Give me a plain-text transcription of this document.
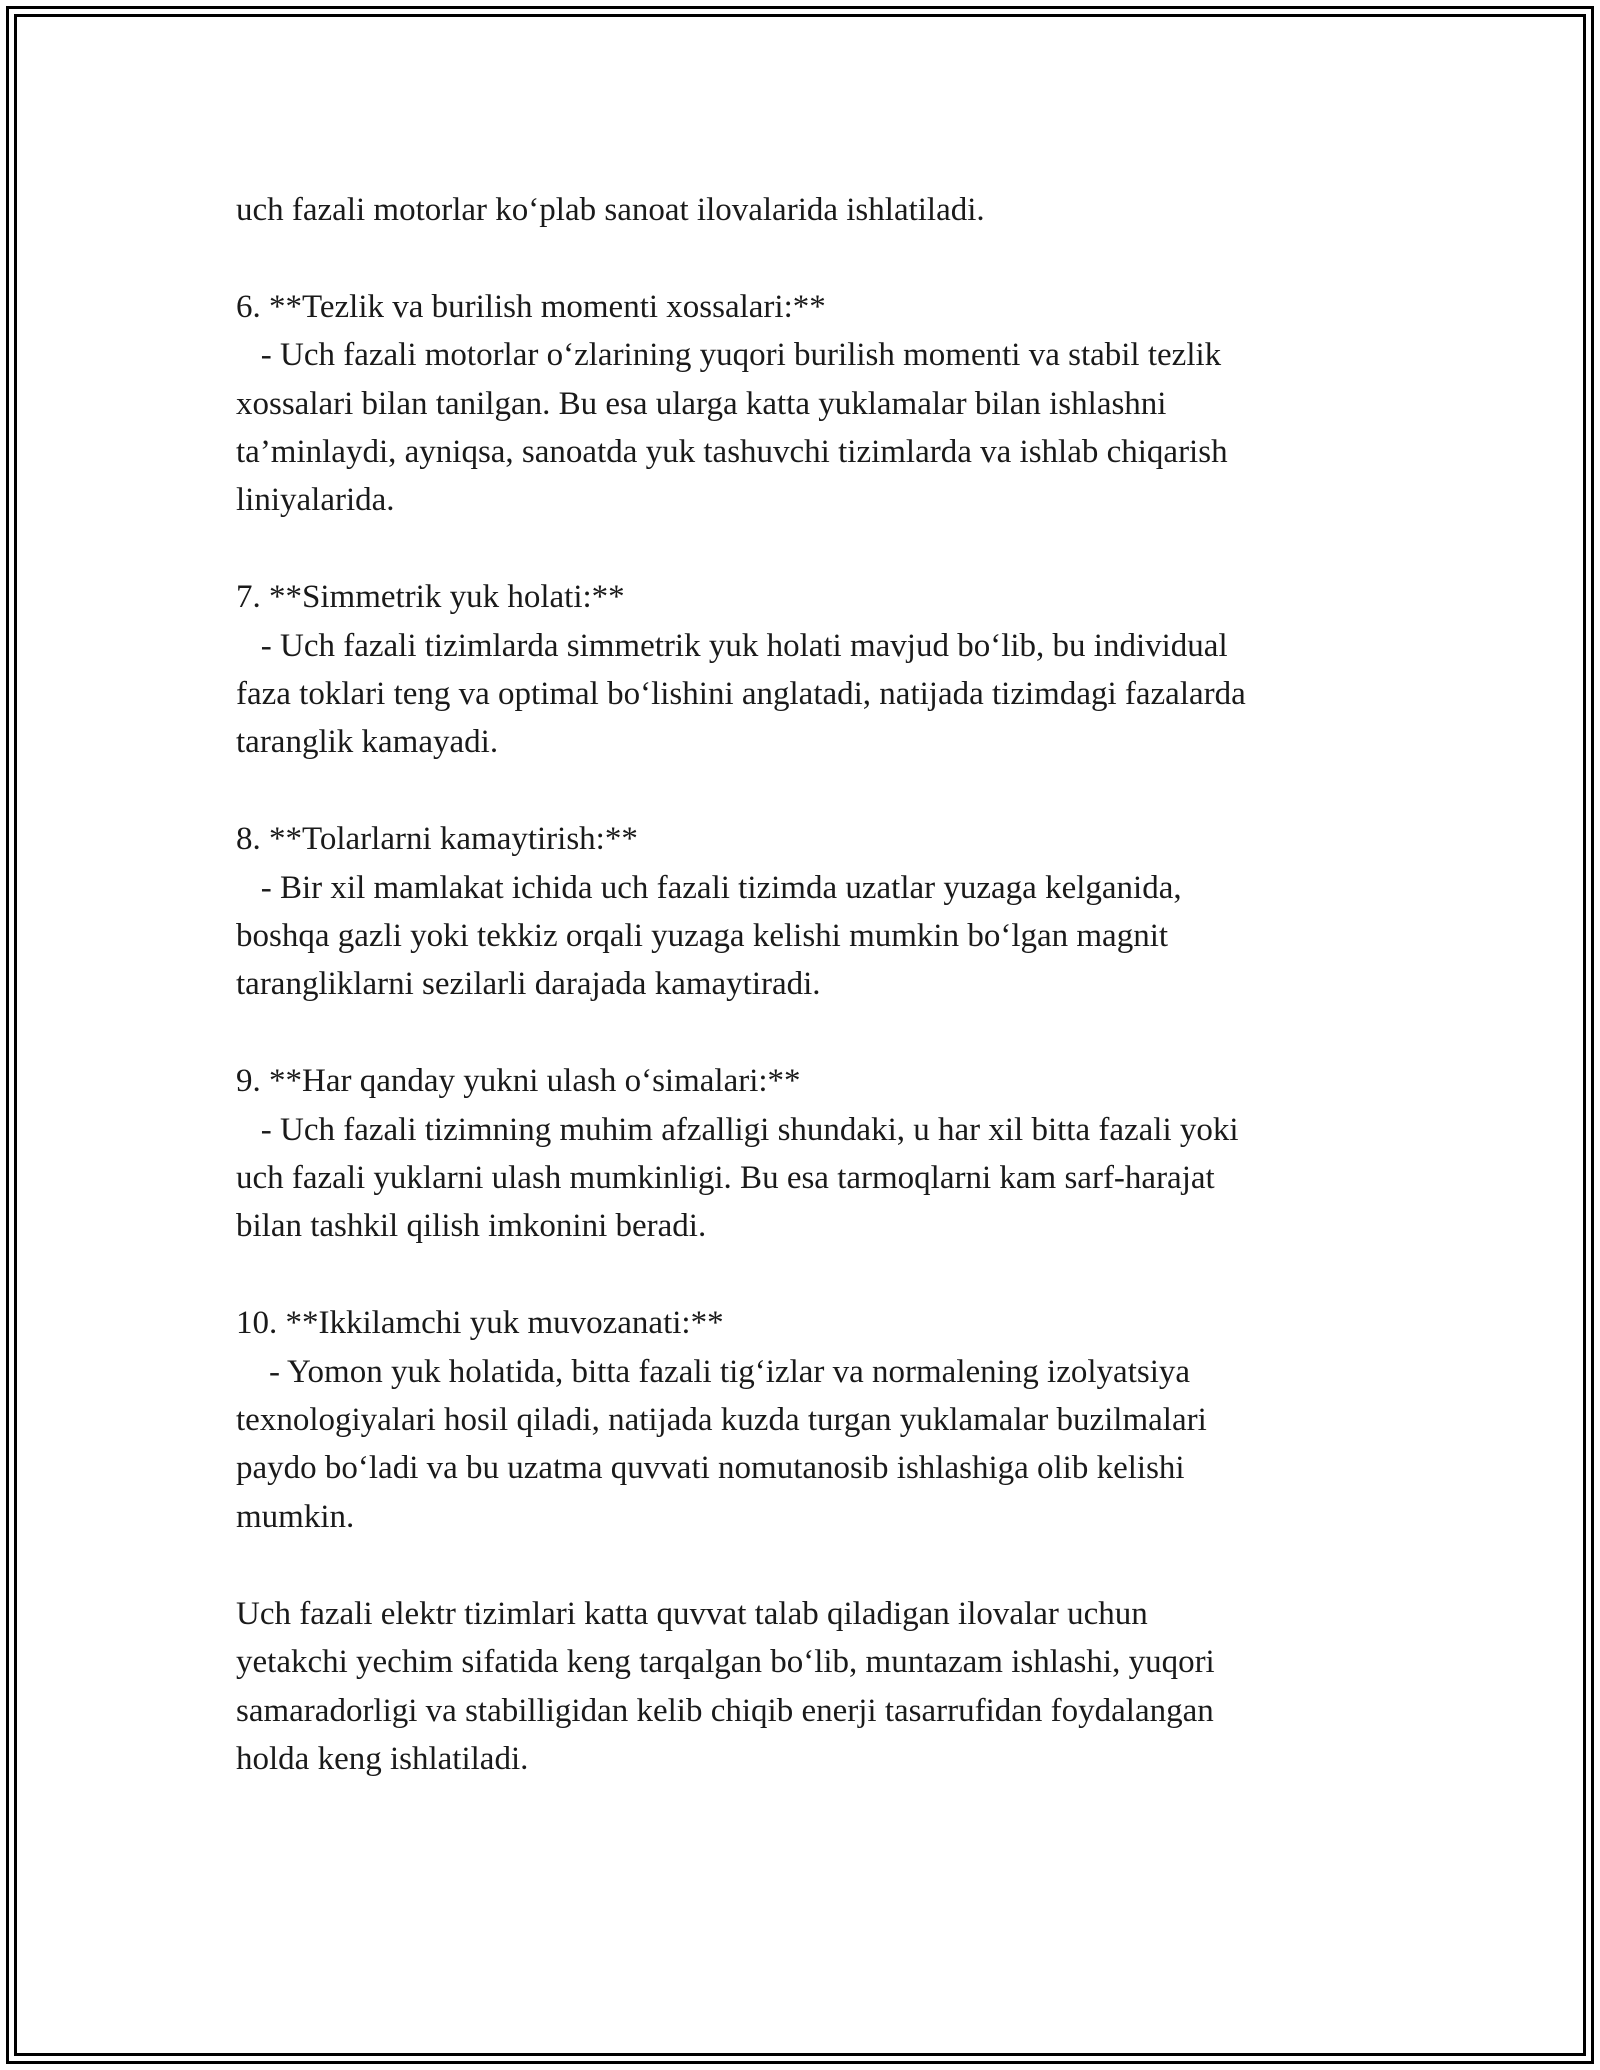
uch fazali motorlar ko‘plab sanoat ilovalarida ishlatiladi.

6. **Tezlik va burilish momenti xossalari:**
- Uch fazali motorlar o‘zlarining yuqori burilish momenti va stabil tezlik
xossalari bilan tanilgan. Bu esa ularga katta yuklamalar bilan ishlashni
ta’minlaydi, ayniqsa, sanoatda yuk tashuvchi tizimlarda va ishlab chiqarish
liniyalarida.

7. **Simmetrik yuk holati:**
- Uch fazali tizimlarda simmetrik yuk holati mavjud bo‘lib, bu individual
faza toklari teng va optimal bo‘lishini anglatadi, natijada tizimdagi fazalarda
taranglik kamayadi.

8. **Tolarlarni kamaytirish:**
- Bir xil mamlakat ichida uch fazali tizimda uzatlar yuzaga kelganida,
boshqa gazli yoki tekkiz orqali yuzaga kelishi mumkin bo‘lgan magnit
tarangliklarni sezilarli darajada kamaytiradi.

9. **Har qanday yukni ulash o‘simalari:**
- Uch fazali tizimning muhim afzalligi shundaki, u har xil bitta fazali yoki
uch fazali yuklarni ulash mumkinligi. Bu esa tarmoqlarni kam sarf-harajat
bilan tashkil qilish imkonini beradi.

10. **Ikkilamchi yuk muvozanati:**
- Yomon yuk holatida, bitta fazali tig‘izlar va normalening izolyatsiya
texnologiyalari hosil qiladi, natijada kuzda turgan yuklamalar buzilmalari
paydo bo‘ladi va bu uzatma quvvati nomutanosib ishlashiga olib kelishi
mumkin.

Uch fazali elektr tizimlari katta quvvat talab qiladigan ilovalar uchun
yetakchi yechim sifatida keng tarqalgan bo‘lib, muntazam ishlashi, yuqori
samaradorligi va stabilligidan kelib chiqib enerji tasarrufidan foydalangan
holda keng ishlatiladi.
